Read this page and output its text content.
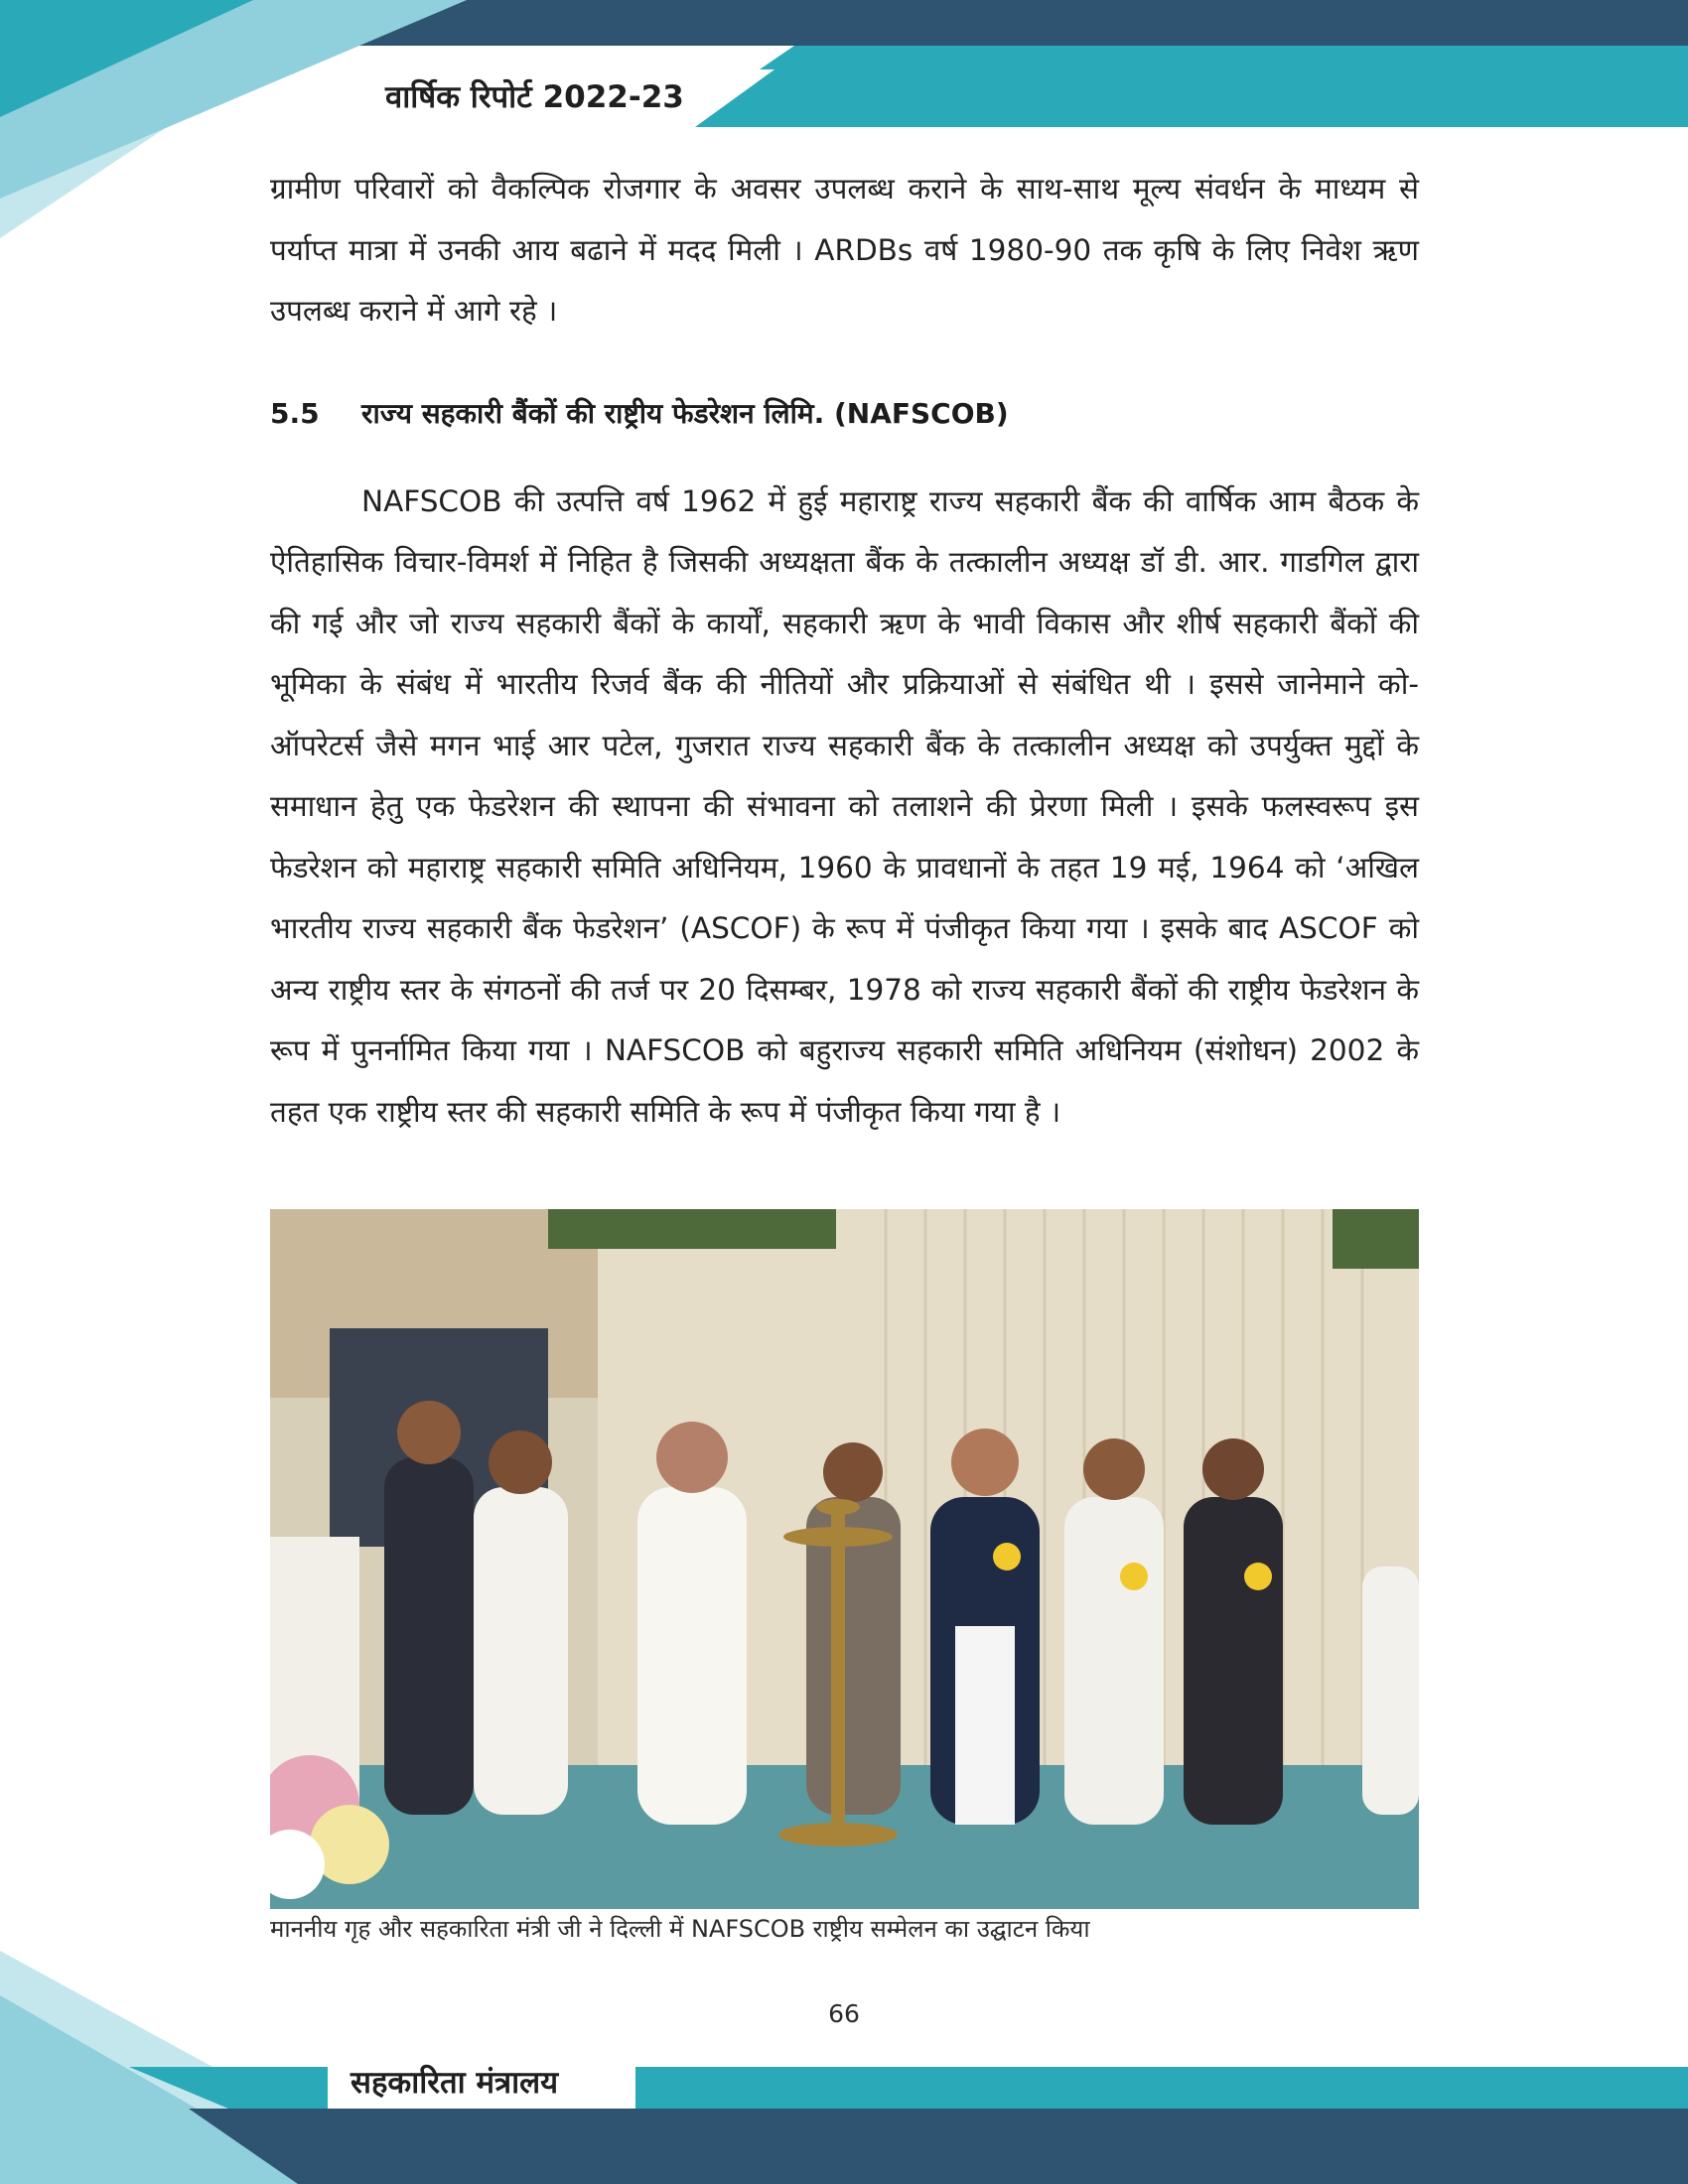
वार्षिक रिपोर्ट 2022-23

ग्रामीण परिवारों को वैकल्पिक रोजगार के अवसर उपलब्ध कराने के साथ-साथ मूल्य संवर्धन के माध्यम से पर्याप्त मात्रा में उनकी आय बढाने में मदद मिली । ARDBs वर्ष 1980-90 तक कृषि के लिए निवेश ऋण उपलब्ध कराने में आगे रहे ।

5.5	राज्य सहकारी बैंकों की राष्ट्रीय फेडरेशन लिमि. (NAFSCOB)

NAFSCOB की उत्पत्ति वर्ष 1962 में हुई महाराष्ट्र राज्य सहकारी बैंक की वार्षिक आम बैठक के ऐतिहासिक विचार-विमर्श में निहित है जिसकी अध्यक्षता बैंक के तत्कालीन अध्यक्ष डॉ डी. आर. गाडगिल द्वारा की गई और जो राज्य सहकारी बैंकों के कार्यों, सहकारी ऋण के भावी विकास और शीर्ष सहकारी बैंकों की भूमिका के संबंध में भारतीय रिजर्व बैंक की नीतियों और प्रक्रियाओं से संबंधित थी । इससे जानेमाने को-ऑपरेटर्स जैसे मगन भाई आर पटेल, गुजरात राज्य सहकारी बैंक के तत्कालीन अध्यक्ष को उपर्युक्त मुद्दों के समाधान हेतु एक फेडरेशन की स्थापना की संभावना को तलाशने की प्रेरणा मिली । इसके फलस्वरूप इस फेडरेशन को महाराष्ट्र सहकारी समिति अधिनियम, 1960 के प्रावधानों के तहत 19 मई, 1964 को ‘अखिल भारतीय राज्य सहकारी बैंक फेडरेशन’ (ASCOF) के रूप में पंजीकृत किया गया । इसके बाद ASCOF को अन्य राष्ट्रीय स्तर के संगठनों की तर्ज पर 20 दिसम्बर, 1978 को राज्य सहकारी बैंकों की राष्ट्रीय फेडरेशन के रूप में पुनर्नामित किया गया । NAFSCOB को बहुराज्य सहकारी समिति अधिनियम (संशोधन) 2002 के तहत एक राष्ट्रीय स्तर की सहकारी समिति के रूप में पंजीकृत किया गया है ।

माननीय गृह और सहकारिता मंत्री जी ने दिल्ली में NAFSCOB राष्ट्रीय सम्मेलन का उद्घाटन किया
66
सहकारिता मंत्रालय
